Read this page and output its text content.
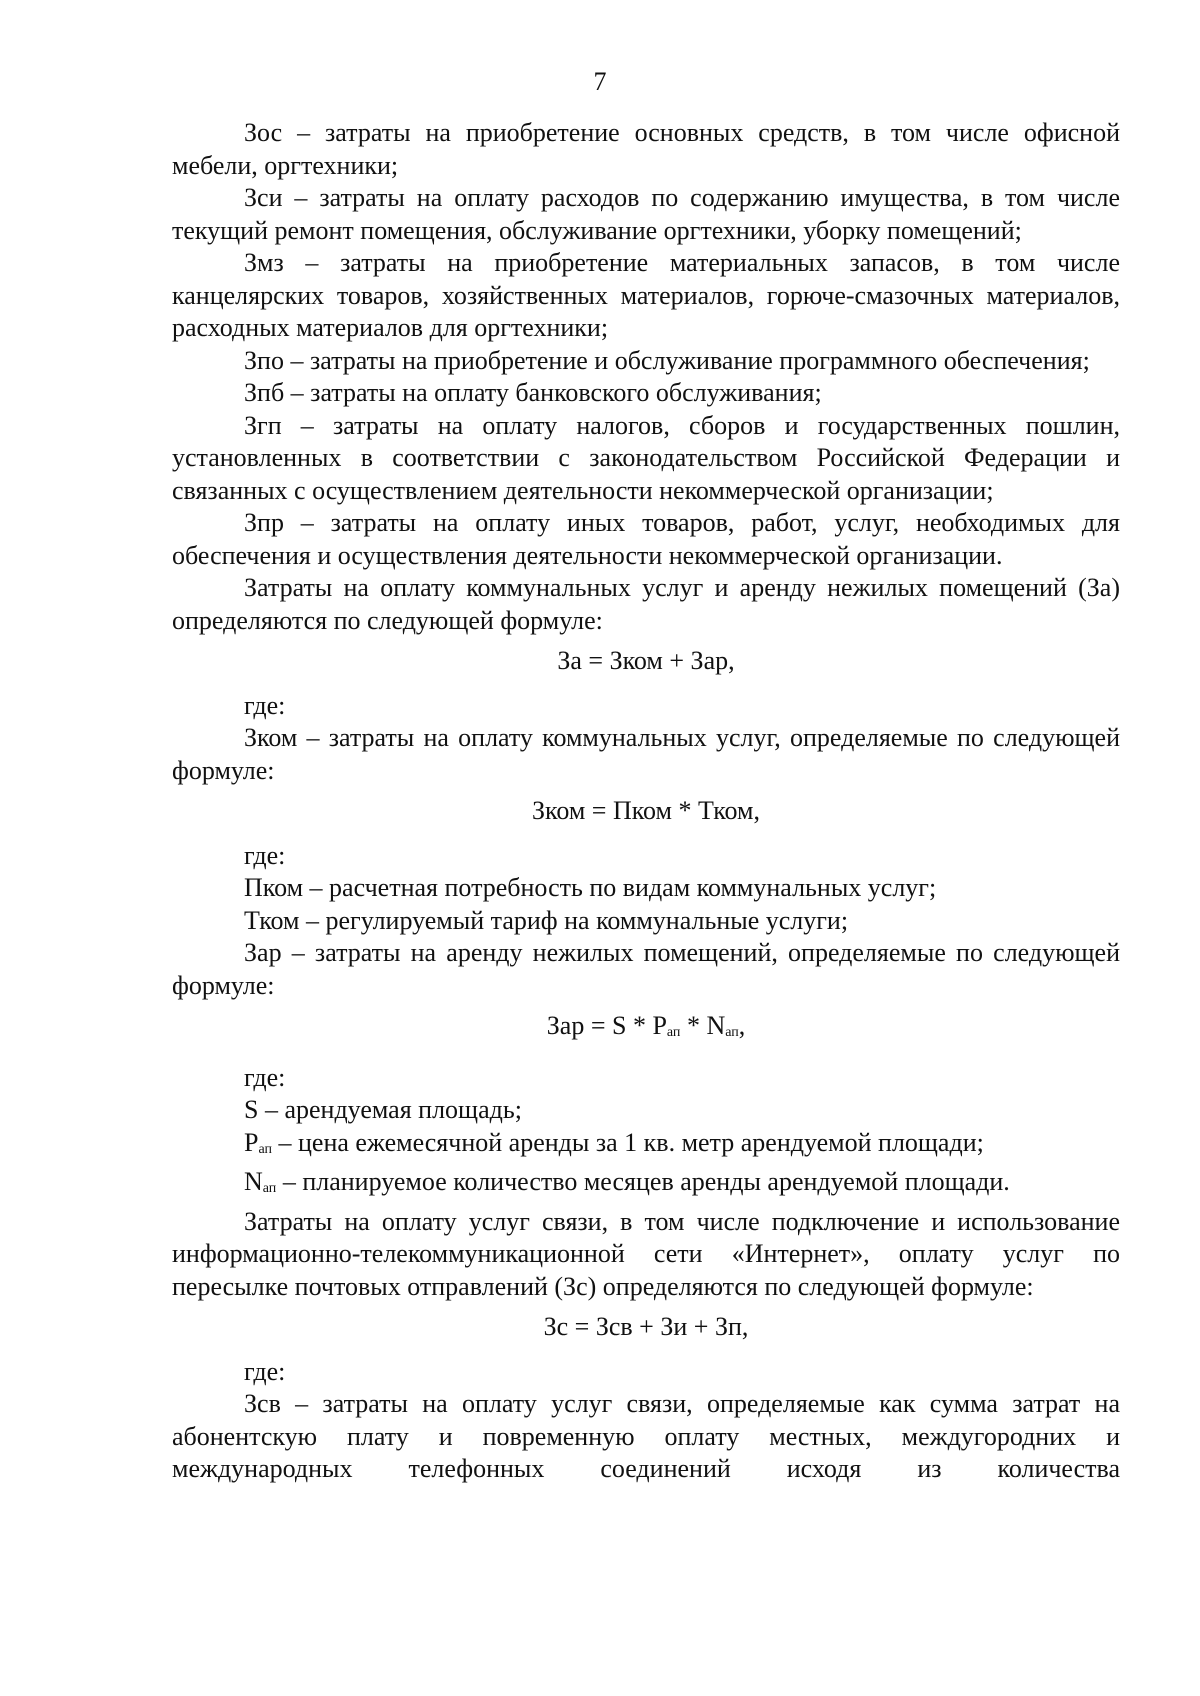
7

Зос – затраты на приобретение основных средств, в том числе офисной мебели, оргтехники;

Зси – затраты на оплату расходов по содержанию имущества, в том числе текущий ремонт помещения, обслуживание оргтехники, уборку помещений;

Змз – затраты на приобретение материальных запасов, в том числе канцелярских товаров, хозяйственных материалов, горюче-смазочных материалов, расходных материалов для оргтехники;

Зпо – затраты на приобретение и обслуживание программного обеспечения;

Зпб – затраты на оплату банковского обслуживания;

Згп – затраты на оплату налогов, сборов и государственных пошлин, установленных в соответствии с законодательством Российской Федерации и связанных с осуществлением деятельности некоммерческой организации;

Зпр – затраты на оплату иных товаров, работ, услуг, необходимых для обеспечения и осуществления деятельности некоммерческой организации.

Затраты на оплату коммунальных услуг и аренду нежилых помещений (За) определяются по следующей формуле:

За = Зком + Зар,

где:

Зком – затраты на оплату коммунальных услуг, определяемые по следующей формуле:

Зком = Пком * Тком,

где:

Пком – расчетная потребность по видам коммунальных услуг;

Тком – регулируемый тариф на коммунальные услуги;

Зар – затраты на аренду нежилых помещений, определяемые по следующей формуле:

Зар = S * $P_{ап} * N_{ап}$,

где:

S – арендуемая площадь;

$P_{ап}$ – цена ежемесячной аренды за 1 кв. метр арендуемой площади;

$N_{ап}$ – планируемое количество месяцев аренды арендуемой площади.

Затраты на оплату услуг связи, в том числе подключение и использование информационно-телекоммуникационной сети «Интернет», оплату услуг по пересылке почтовых отправлений (Зс) определяются по следующей формуле:

Зс = Зсв + Зи + Зп,

где:

Зсв – затраты на оплату услуг связи, определяемые как сумма затрат на абонентскую плату и повременную оплату местных, междугородних и международных телефонных соединений исходя из количества
